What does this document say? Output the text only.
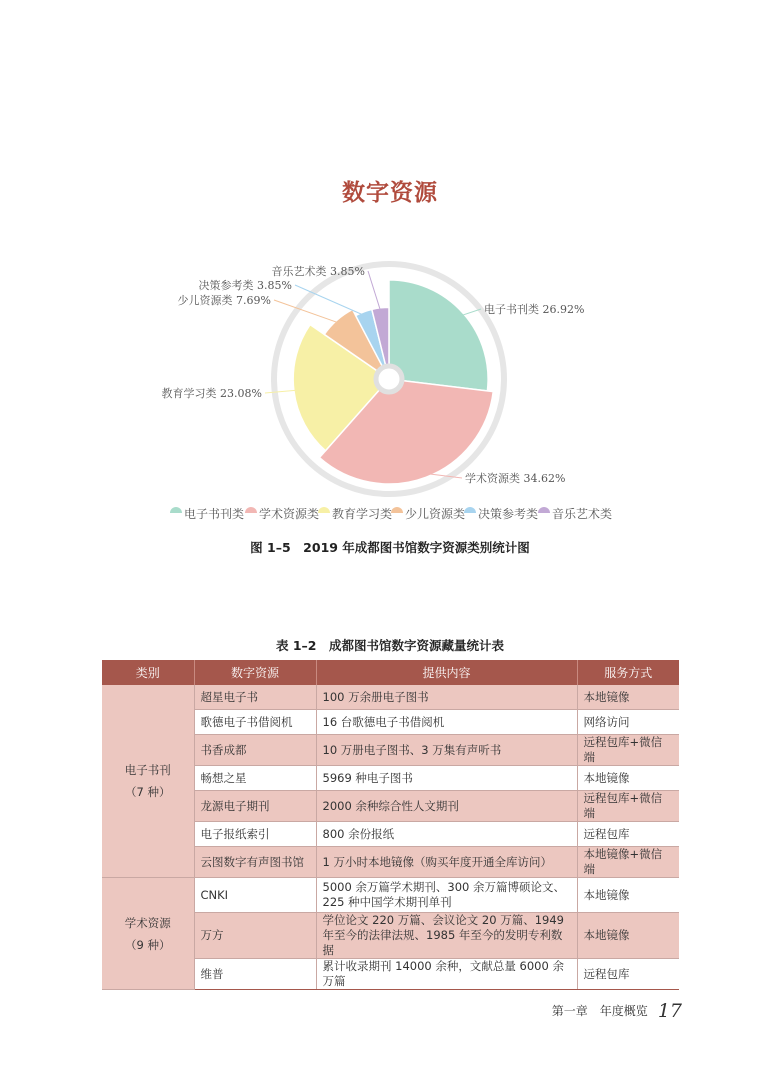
数字资源
电子书刊类 26.92%
学术资源类 34.62%
教育学习类 23.08%
少儿资源类 7.69%
决策参考类 3.85%
音乐艺术类 3.85%
电子书刊类 学术资源类 教育学习类 少儿资源类 决策参考类 音乐艺术类
图 1–5　2019 年成都图书馆数字资源类别统计图
表 1–2　成都图书馆数字资源藏量统计表
类别	数字资源	提供内容	服务方式
电子书刊
（7 种）	超星电子书	100 万余册电子图书	本地镜像
	歌德电子书借阅机	16 台歌德电子书借阅机	网络访问
	书香成都	10 万册电子图书、3 万集有声听书	远程包库+微信端
	畅想之星	5969 种电子图书	本地镜像
	龙源电子期刊	2000 余种综合性人文期刊	远程包库+微信端
	电子报纸索引	800 余份报纸	远程包库
	云图数字有声图书馆	1 万小时本地镜像（购买年度开通全库访问）	本地镜像+微信端
学术资源
（9 种）	CNKI	5000 余万篇学术期刊、300 余万篇博硕论文、225 种中国学术期刊单刊	本地镜像
	万方	学位论文 220 万篇、会议论文 20 万篇、1949 年至今的法律法规、1985 年至今的发明专利数据	本地镜像
	维普	累计收录期刊 14000 余种，文献总量 6000 余万篇	远程包库
第一章　年度概览 17
